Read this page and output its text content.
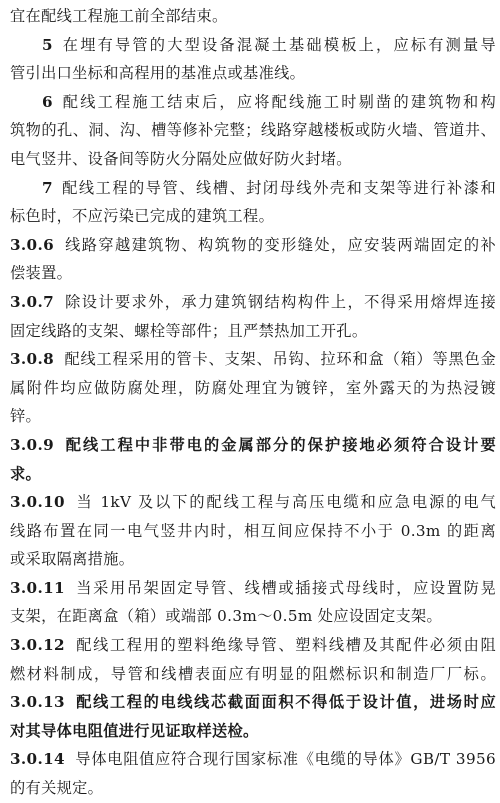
宜在配线工程施工前全部结束。
5 在埋有导管的大型设备混凝土基础模板上，应标有测量导
管引出口坐标和高程用的基准点或基准线。
6 配线工程施工结束后，应将配线施工时剔凿的建筑物和构
筑物的孔、洞、沟、槽等修补完整；线路穿越楼板或防火墙、管道井、
电气竖井、设备间等防火分隔处应做好防火封堵。
7 配线工程的导管、线槽、封闭母线外壳和支架等进行补漆和
标色时，不应污染已完成的建筑工程。
3.0.6 线路穿越建筑物、构筑物的变形缝处，应安装两端固定的补
偿装置。
3.0.7 除设计要求外，承力建筑钢结构构件上，不得采用熔焊连接
固定线路的支架、螺栓等部件；且严禁热加工开孔。
3.0.8 配线工程采用的管卡、支架、吊钩、拉环和盒（箱）等黑色金
属附件均应做防腐处理，防腐处理宜为镀锌，室外露天的为热浸镀
锌。
3.0.9 配线工程中非带电的金属部分的保护接地必须符合设计要
求。
3.0.10 当 1kV 及以下的配线工程与高压电缆和应急电源的电气
线路布置在同一电气竖井内时，相互间应保持不小于 0.3m 的距离
或采取隔离措施。
3.0.11 当采用吊架固定导管、线槽或插接式母线时，应设置防晃
支架，在距离盒（箱）或端部 0.3m～0.5m 处应设固定支架。
3.0.12 配线工程用的塑料绝缘导管、塑料线槽及其配件必须由阻
燃材料制成，导管和线槽表面应有明显的阻燃标识和制造厂厂标。
3.0.13 配线工程的电线线芯截面面积不得低于设计值，进场时应
对其导体电阻值进行见证取样送检。
3.0.14 导体电阻值应符合现行国家标准《电缆的导体》GB/T 3956
的有关规定。
